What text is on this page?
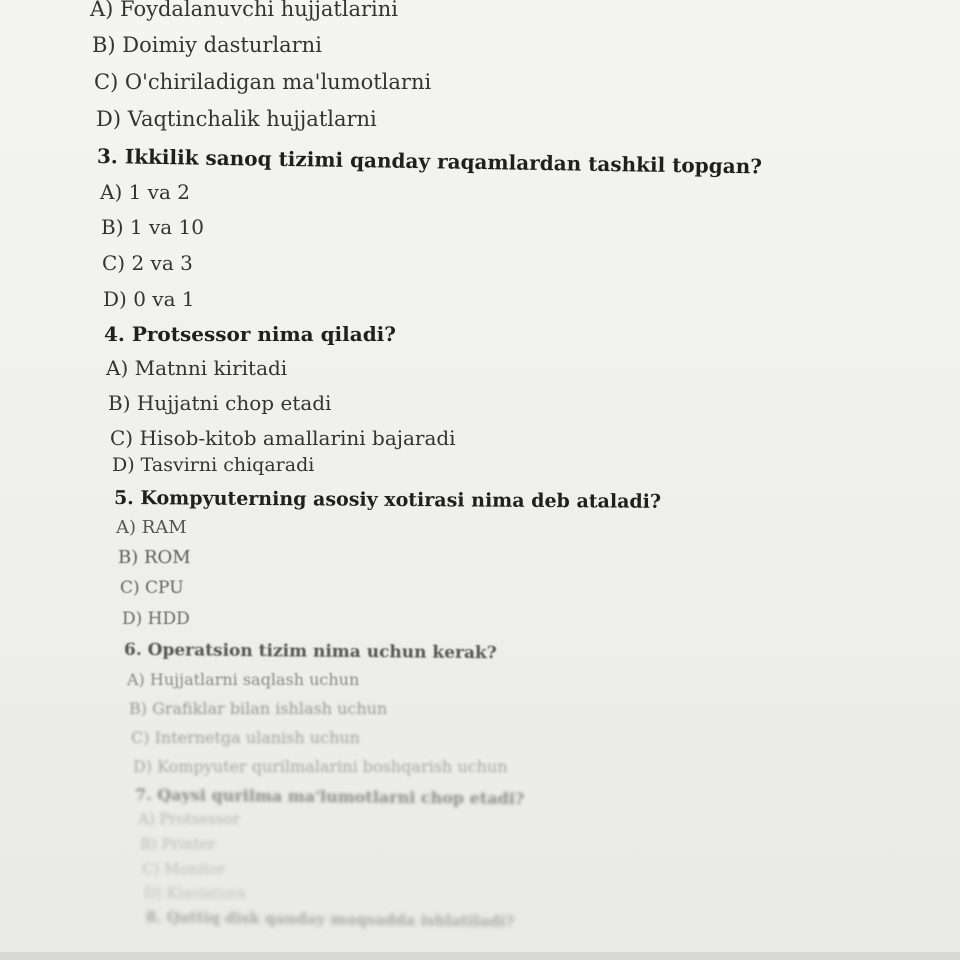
A) Foydalanuvchi hujjatlarini
B) Doimiy dasturlarni
C) O'chiriladigan ma'lumotlarni
D) Vaqtinchalik hujjatlarni
3. Ikkilik sanoq tizimi qanday raqamlardan tashkil topgan?
A) 1 va 2
B) 1 va 10
C) 2 va 3
D) 0 va 1
4. Protsessor nima qiladi?
A) Matnni kiritadi
B) Hujjatni chop etadi
C) Hisob-kitob amallarini bajaradi
D) Tasvirni chiqaradi
5. Kompyuterning asosiy xotirasi nima deb ataladi?
A) RAM
B) ROM
C) CPU
D) HDD
6. Operatsion tizim nima uchun kerak?
A) Hujjatlarni saqlash uchun
B) Grafiklar bilan ishlash uchun
C) Internetga ulanish uchun
D) Kompyuter qurilmalarini boshqarish uchun
7. Qaysi qurilma ma'lumotlarni chop etadi?
A) Protsessor
B) Printer
C) Monitor
D) Klaviatura
8. Qattiq disk qanday maqsadda ishlatiladi?
